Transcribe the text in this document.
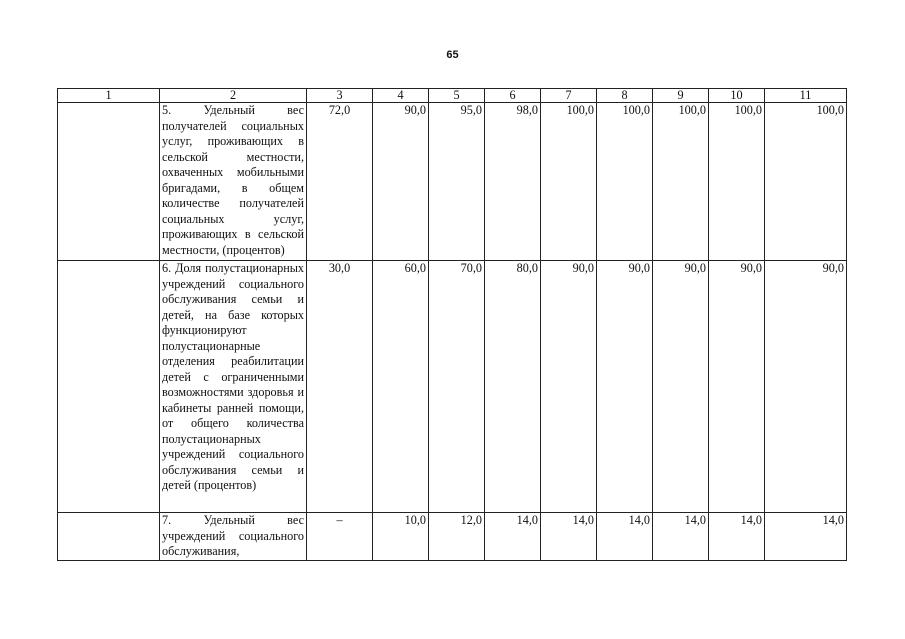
65
1	2	3	4	5	6	7	8	9	10	11
	5. Удельный вес получателей социальных услуг, проживающих в сельской местности, охваченных мобильными бригадами, в общем количестве получателей социальных услуг, проживающих в сельской местности, (процентов)	72,0	90,0	95,0	98,0	100,0	100,0	100,0	100,0	100,0
	6. Доля полустационарных учреждений социального обслуживания семьи и детей, на базе которых функционируют полустационарные отделения реабилитации детей с ограниченными возможностями здоровья и кабинеты ранней помощи, от общего количества полустационарных учреждений социального обслуживания семьи и детей (процентов)	30,0	60,0	70,0	80,0	90,0	90,0	90,0	90,0	90,0
	7. Удельный вес учреждений социального обслуживания,	–	10,0	12,0	14,0	14,0	14,0	14,0	14,0	14,0
